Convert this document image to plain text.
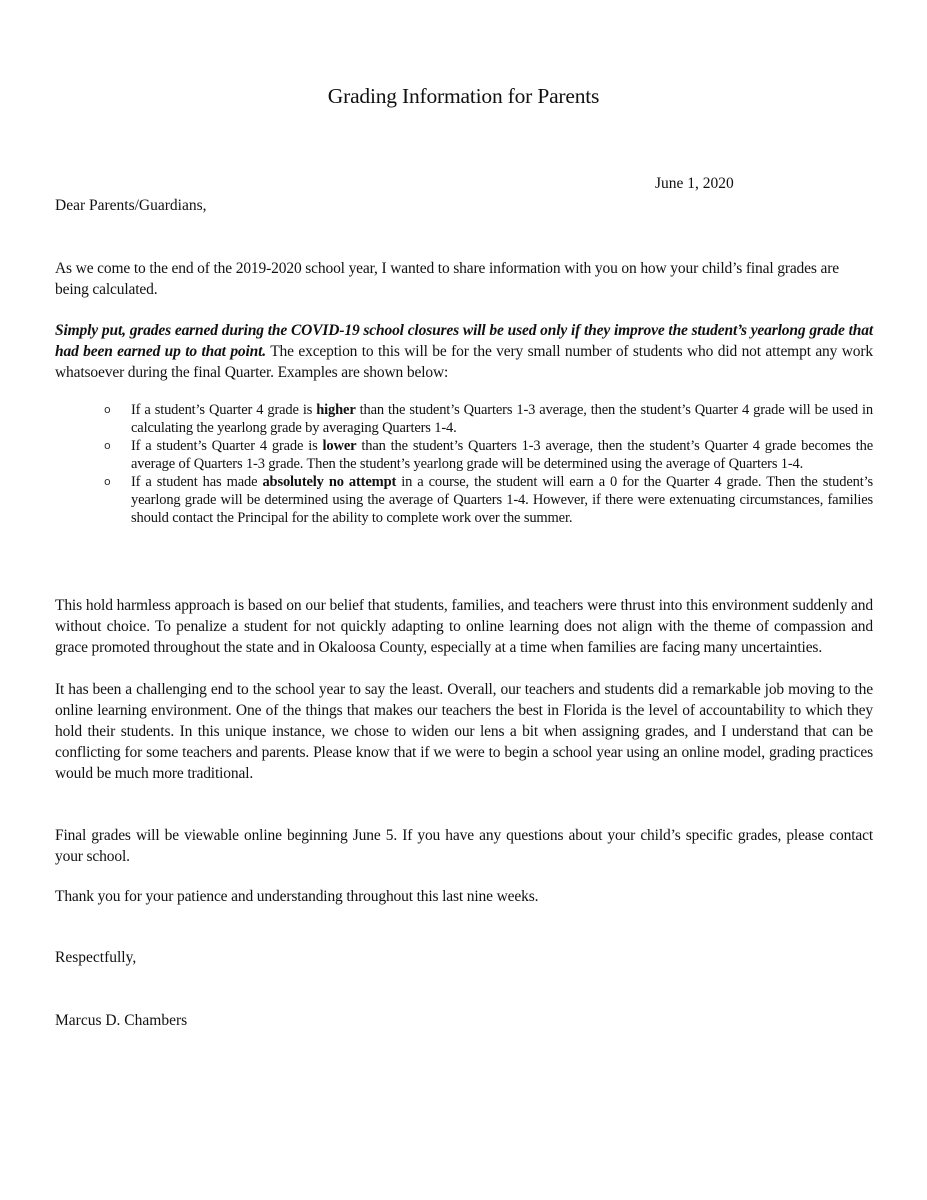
Grading Information for Parents
June 1, 2020
Dear Parents/Guardians,
As we come to the end of the 2019-2020 school year, I wanted to share information with you on how your child’s final grades are being calculated.
Simply put, grades earned during the COVID-19 school closures will be used only if they improve the student’s yearlong grade that had been earned up to that point. The exception to this will be for the very small number of students who did not attempt any work whatsoever during the final Quarter. Examples are shown below:
o If a student’s Quarter 4 grade is higher than the student’s Quarters 1-3 average, then the student’s Quarter 4 grade will be used in calculating the yearlong grade by averaging Quarters 1-4.
o If a student’s Quarter 4 grade is lower than the student’s Quarters 1-3 average, then the student’s Quarter 4 grade becomes the average of Quarters 1-3 grade. Then the student’s yearlong grade will be determined using the average of Quarters 1-4.
o If a student has made absolutely no attempt in a course, the student will earn a 0 for the Quarter 4 grade. Then the student’s yearlong grade will be determined using the average of Quarters 1-4. However, if there were extenuating circumstances, families should contact the Principal for the ability to complete work over the summer.
This hold harmless approach is based on our belief that students, families, and teachers were thrust into this environment suddenly and without choice. To penalize a student for not quickly adapting to online learning does not align with the theme of compassion and grace promoted throughout the state and in Okaloosa County, especially at a time when families are facing many uncertainties.
It has been a challenging end to the school year to say the least. Overall, our teachers and students did a remarkable job moving to the online learning environment. One of the things that makes our teachers the best in Florida is the level of accountability to which they hold their students. In this unique instance, we chose to widen our lens a bit when assigning grades, and I understand that can be conflicting for some teachers and parents. Please know that if we were to begin a school year using an online model, grading practices would be much more traditional.
Final grades will be viewable online beginning June 5. If you have any questions about your child’s specific grades, please contact your school.
Thank you for your patience and understanding throughout this last nine weeks.
Respectfully,
Marcus D. Chambers
